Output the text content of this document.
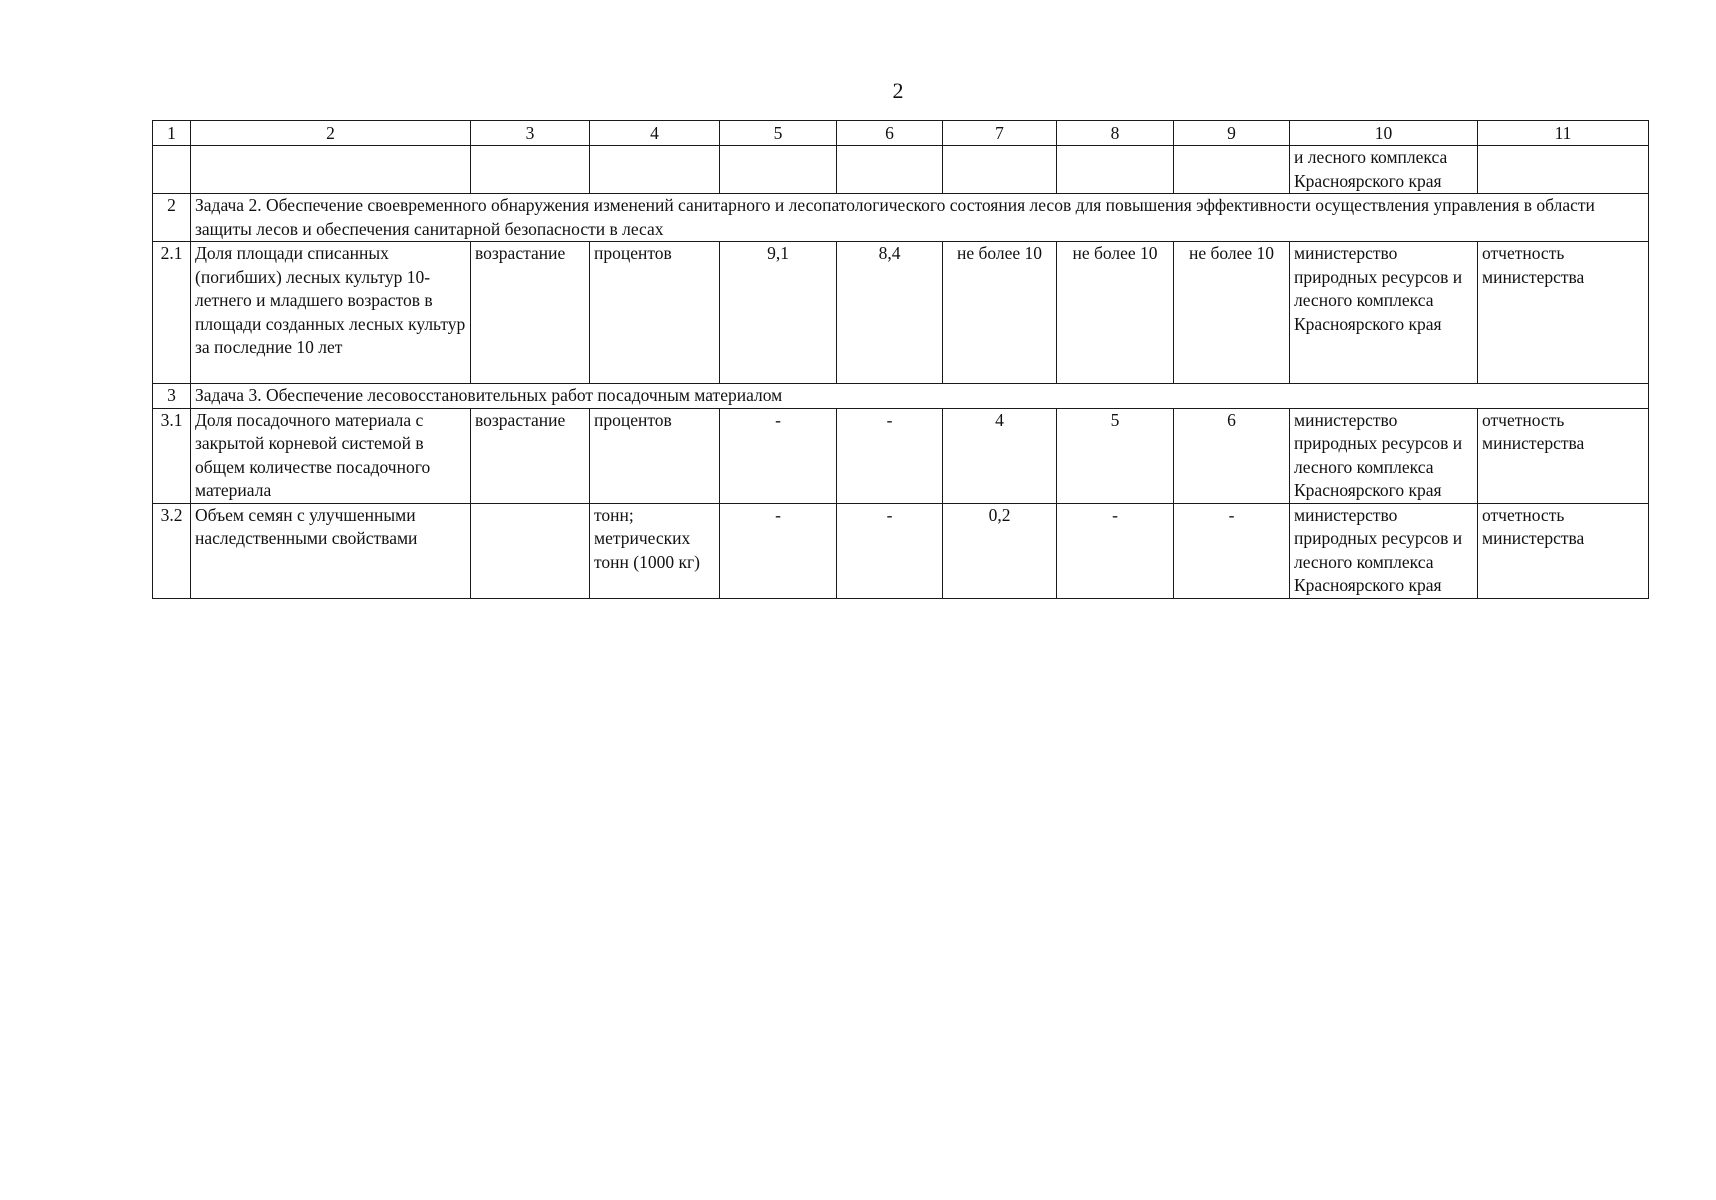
2
1	2	3	4	5	6	7	8	9	10	11
									и лесного комплекса Красноярского края	
2	Задача 2. Обеспечение своевременного обнаружения изменений санитарного и лесопатологического состояния лесов для повышения эффективности осуществления управления в области защиты лесов и обеспечения санитарной безопасности в лесах									
2.1	Доля площади списанных (погибших) лесных культур 10-летнего и младшего возрастов в площади созданных лесных культур за последние 10 лет	возрастание	процентов	9,1	8,4	не более 10	не более 10	не более 10	министерство природных ресурсов и лесного комплекса Красноярского края	отчетность министерства
3	Задача 3. Обеспечение лесовосстановительных работ посадочным материалом									
3.1	Доля посадочного материала с закрытой корневой системой в общем количестве посадочного материала	возрастание	процентов	-	-	4	5	6	министерство природных ресурсов и лесного комплекса Красноярского края	отчетность министерства
3.2	Объем семян с улучшенными наследственными свойствами		тонн; метрических тонн (1000 кг)	-	-	0,2	-	-	министерство природных ресурсов и лесного комплекса Красноярского края	отчетность министерства
